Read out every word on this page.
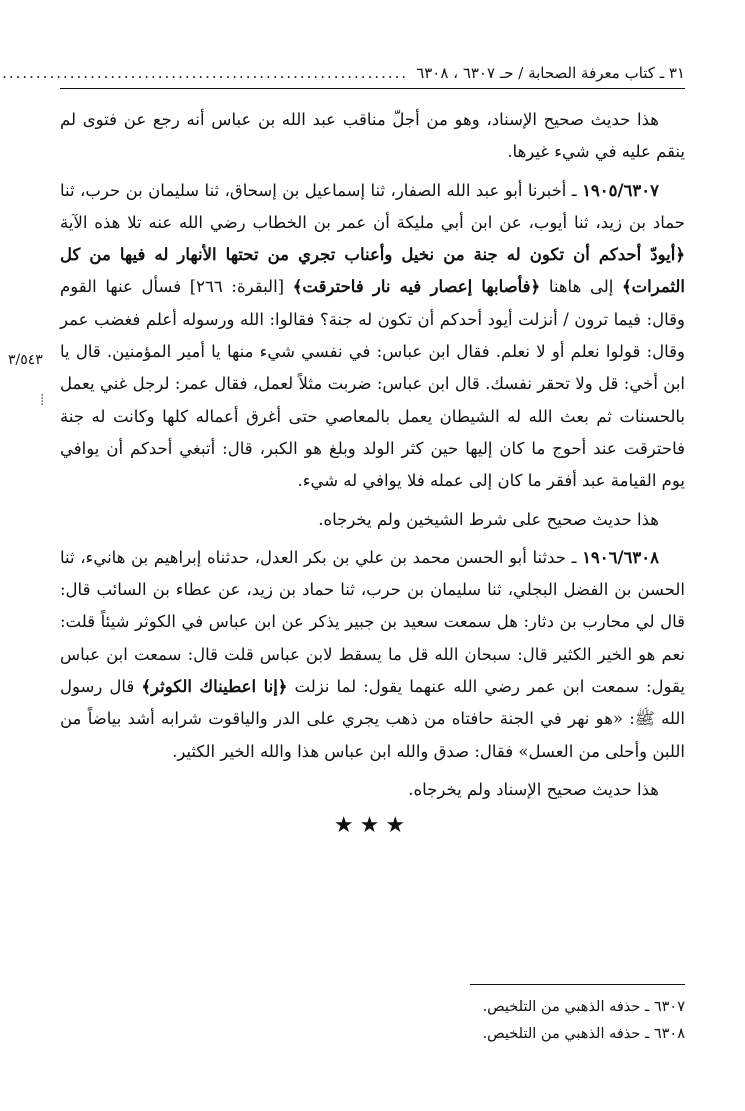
٣١ ـ كتاب معرفة الصحابة / حـ ٦٣٠٧ ، ٦٣٠٨
............................................................

هذا حديث صحيح الإسناد، وهو من أجلّ مناقب عبد الله بن عباس أنه رجع عن فتوى لم ينقم عليه في شيء غيرها.

١٩٠٥/٦٣٠٧ ـ أخبرنا أبو عبد الله الصفار، ثنا إسماعيل بن إسحاق، ثنا سليمان بن حرب، ثنا حماد بن زيد، ثنا أيوب، عن ابن أبي مليكة أن عمر بن الخطاب رضي الله عنه تلا هذه الآية ﴿أيودّ أحدكم أن تكون له جنة من نخيل وأعناب تجري من تحتها الأنهار له فيها من كل الثمرات﴾ إلى هاهنا ﴿فأصابها إعصار فيه نار فاحترقت﴾ [البقرة: ٢٦٦] فسأل عنها القوم وقال: فيما ترون / أنزلت أيود أحدكم أن تكون له جنة؟ فقالوا: الله ورسوله أعلم فغضب عمر وقال: قولوا نعلم أو لا نعلم. فقال ابن عباس: في نفسي شيء منها يا أمير المؤمنين. قال يا ابن أخي: قل ولا تحقر نفسك. قال ابن عباس: ضربت مثلاً لعمل، فقال عمر: لرجل غني يعمل بالحسنات ثم بعث الله له الشيطان يعمل بالمعاصي حتى أغرق أعماله كلها وكانت له جنة فاحترقت عند أحوج ما كان إليها حين كثر الولد وبلغ هو الكبر، قال: أتبغي أحدكم أن يوافي يوم القيامة عبد أفقر ما كان إلى عمله فلا يوافي له شيء.

هذا حديث صحيح على شرط الشيخين ولم يخرجاه.

١٩٠٦/٦٣٠٨ ـ حدثنا أبو الحسن محمد بن علي بن بكر العدل، حدثناه إبراهيم بن هانيء، ثنا الحسن بن الفضل البجلي، ثنا سليمان بن حرب، ثنا حماد بن زيد، عن عطاء بن السائب قال: قال لي محارب بن دثار: هل سمعت سعيد بن جبير يذكر عن ابن عباس في الكوثر شيئاً قلت: نعم هو الخير الكثير قال: سبحان الله قل ما يسقط لابن عباس قلت قال: سمعت ابن عباس يقول: سمعت ابن عمر رضي الله عنهما يقول: لما نزلت ﴿إنا اعطيناك الكوثر﴾ قال رسول الله ﷺ: «هو نهر في الجنة حافتاه من ذهب يجري على الدر والياقوت شرابه أشد بياضاً من اللبن وأحلى من العسل» فقال: صدق والله ابن عباس هذا والله الخير الكثير.

هذا حديث صحيح الإسناد ولم يخرجاه.

★★★
٣/٥٤٣
⁞

٦٣٠٧ ـ حذفه الذهبي من التلخيص.

٦٣٠٨ ـ حذفه الذهبي من التلخيص.
